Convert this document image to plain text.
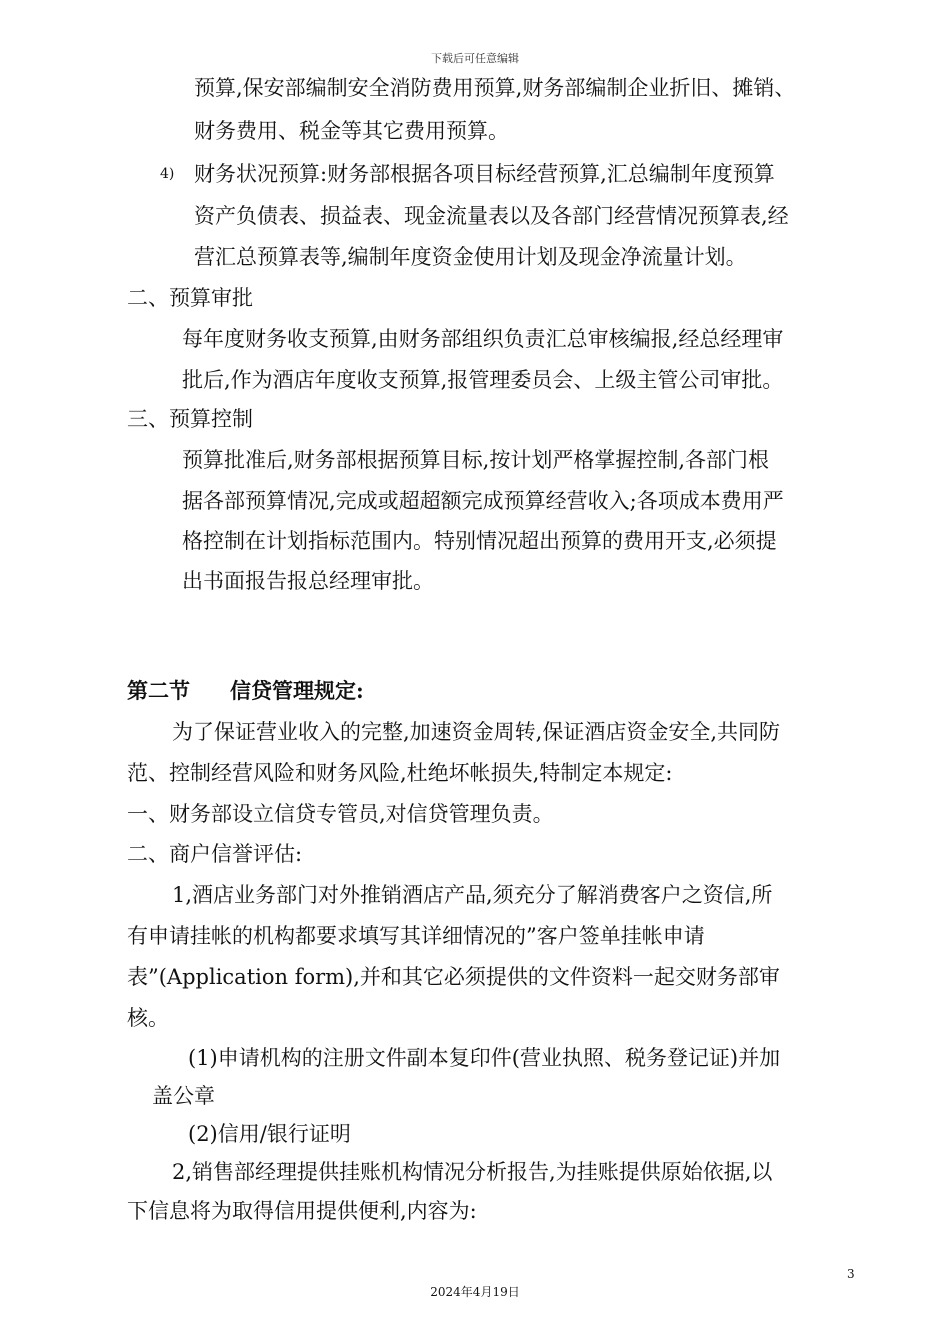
下载后可任意编辑
预算,保安部编制安全消防费用预算,财务部编制企业折旧、摊销、
财务费用、税金等其它费用预算。
4) 财务状况预算:财务部根据各项目标经营预算,汇总编制年度预算
资产负债表、损益表、现金流量表以及各部门经营情况预算表,经
营汇总预算表等,编制年度资金使用计划及现金净流量计划。
二、预算审批
每年度财务收支预算,由财务部组织负责汇总审核编报,经总经理审
批后,作为酒店年度收支预算,报管理委员会、上级主管公司审批。
三、预算控制
预算批准后,财务部根据预算目标,按计划严格掌握控制,各部门根
据各部预算情况,完成或超超额完成预算经营收入;各项成本费用严
格控制在计划指标范围内。特别情况超出预算的费用开支,必须提
出书面报告报总经理审批。
第二节 信贷管理规定:
为了保证营业收入的完整,加速资金周转,保证酒店资金安全,共同防
范、控制经营风险和财务风险,杜绝坏帐损失,特制定本规定:
一、财务部设立信贷专管员,对信贷管理负责。
二、商户信誉评估:
1,酒店业务部门对外推销酒店产品,须充分了解消费客户之资信,所
有申请挂帐的机构都要求填写其详细情况的”客户签单挂帐申请
表”(Application form),并和其它必须提供的文件资料一起交财务部审
核。
(1)申请机构的注册文件副本复印件(营业执照、税务登记证)并加
盖公章
(2)信用/银行证明
2,销售部经理提供挂账机构情况分析报告,为挂账提供原始依据,以
下信息将为取得信用提供便利,内容为:
3
2024年4月19日
